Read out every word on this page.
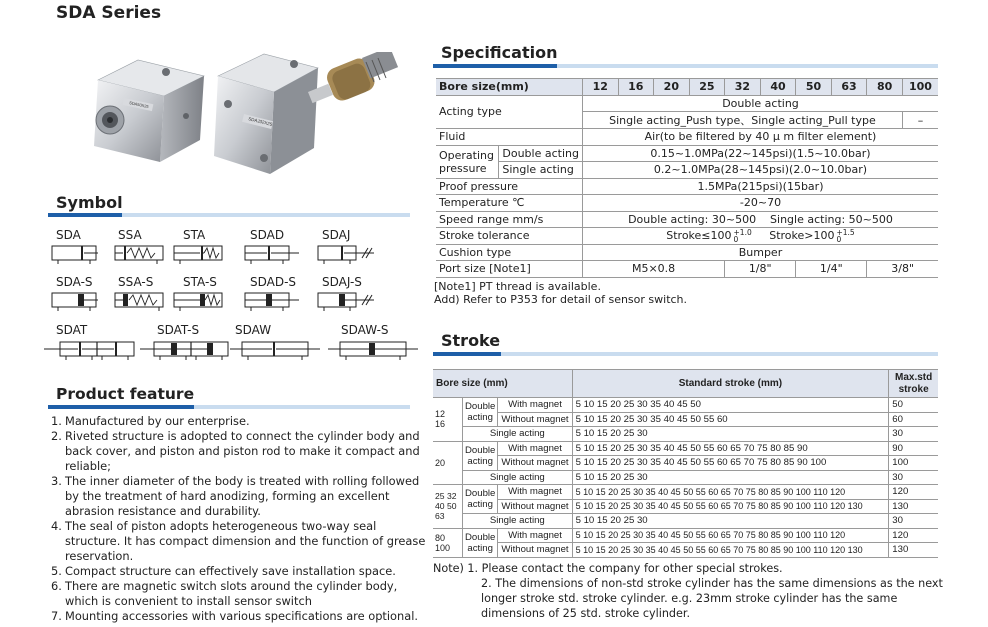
SDA Series
SDA50X25
SDAJ32X25
Symbol
SDA	SSA	STA	SDAD	SDAJ
SDA-S SSA-S STA-S	SDAD-S SDAJ-S
SDAT	SDAT-S	SDAW	SDAW-S
Product feature
1. Manufactured by our enterprise.
2. Riveted structure is adopted to connect the cylinder body and back cover, and piston and piston rod to make it compact and reliable;
3. The inner diameter of the body is treated with rolling followed by the treatment of hard anodizing, forming an excellent abrasion resistance and durability.
4. The seal of piston adopts heterogeneous two-way seal structure. It has compact dimension and the function of grease reservation.
5. Compact structure can effectively save installation space.
6. There are magnetic switch slots around the cylinder body, which is convenient to install sensor switch
7. Mounting accessories with various specifications are optional.
Specification
Bore size(mm)		12	16	20	25	32	40	50	63	80	100
Acting type		Double acting									
		Single acting_Push type、Single acting_Pull type									–
Fluid		Air(to be filtered by 40 μ m filter element)									
Operating
pressure	Double acting	0.15~1.0MPa(22~145psi)(1.5~10.0bar)									
	Single acting	0.2~1.0MPa(28~145psi)(2.0~10.0bar)									
Proof pressure		1.5MPa(215psi)(15bar)									
Temperature ℃		-20~70									
Speed range mm/s		Double acting: 30~500    Single acting: 50~500									
Stroke tolerance		Stroke≤100 +1.0
0 Stroke>100 +1.5
0									
Cushion type		Bumper									
Port size [Note1]		M5×0.8				1/8"		1/4"		3/8"	
[Note1] PT thread is available.
Add) Refer to P353 for detail of sensor switch.
Stroke
Bore size (mm)			Standard stroke (mm)	Max.std stroke
12
16	Double acting	With magnet	5 10 15 20 25 30 35 40 45 50	50
		Without magnet	5 10 15 20 25 30 35 40 45 50 55 60	60
	Single acting		5 10 15 20 25 30	30
20	Double acting	With magnet	5 10 15 20 25 30 35 40 45 50 55 60 65 70 75 80 85 90	90
		Without magnet	5 10 15 20 25 30 35 40 45 50 55 60 65 70 75 80 85 90 100	100
	Single acting		5 10 15 20 25 30	30
25 32
40 50
63	Double acting	With magnet	5 10 15 20 25 30 35 40 45 50 55 60 65 70 75 80 85 90 100 110 120	120
		Without magnet	5 10 15 20 25 30 35 40 45 50 55 60 65 70 75 80 85 90 100 110 120 130	130
	Single acting		5 10 15 20 25 30	30
80
100	Double acting	With magnet	5 10 15 20 25 30 35 40 45 50 55 60 65 70 75 80 85 90 100 110 120	120
		Without magnet	5 10 15 20 25 30 35 40 45 50 55 60 65 70 75 80 85 90 100 110 120 130	130
Note) 1. Please contact the company for other special strokes.
2. The dimensions of non-std stroke cylinder has the same dimensions as the next
longer stroke std. stroke cylinder. e.g. 23mm stroke cylinder has the same
dimensions of 25 std. stroke cylinder.
